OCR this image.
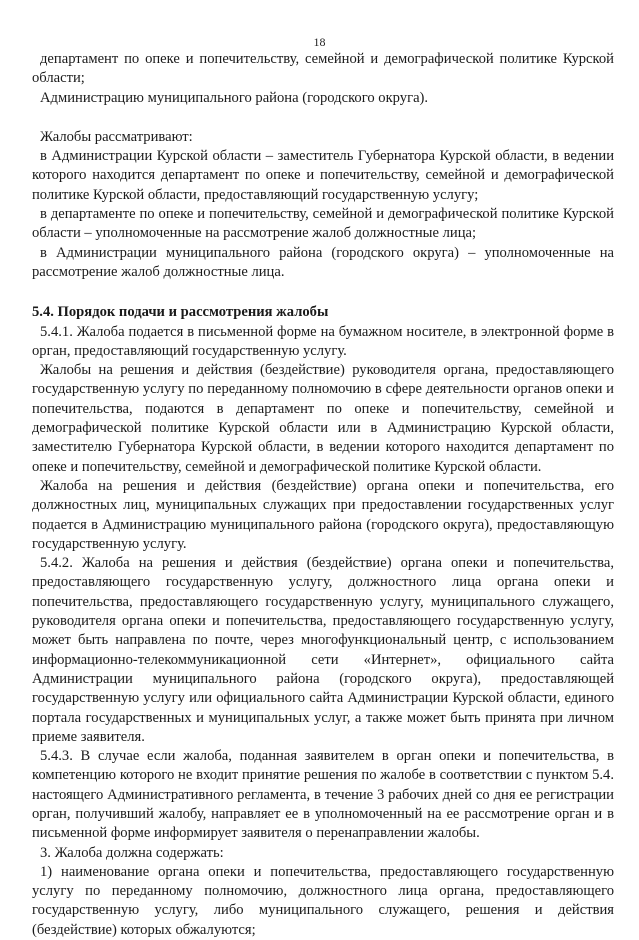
18

департамент по опеке и попечительству, семейной и демографической политике Курской области;

Администрацию муниципального района (городского округа).

Жалобы рассматривают:

в Администрации Курской области – заместитель Губернатора Курской области, в ведении которого находится департамент по опеке и попечительству, семейной и демографической политике Курской области, предоставляющий государственную услугу;

в департаменте по опеке и попечительству, семейной и демографической политике Курской области – уполномоченные на рассмотрение жалоб должностные лица;

в Администрации муниципального района (городского округа) – уполномоченные на рассмотрение жалоб должностные лица.

5.4. Порядок подачи и рассмотрения жалобы

5.4.1. Жалоба подается в письменной форме на бумажном носителе, в электронной форме в орган, предоставляющий государственную услугу.

Жалобы на решения и действия (бездействие) руководителя органа, предоставляющего государственную услугу по переданному полномочию в сфере деятельности органов опеки и попечительства, подаются в департамент по опеке и попечительству, семейной и демографической политике Курской области или в Администрацию Курской области, заместителю Губернатора Курской области, в ведении которого находится департамент по опеке и попечительству, семейной и демографической политике Курской области.

Жалоба на решения и действия (бездействие) органа опеки и попечительства, его должностных лиц, муниципальных служащих при предоставлении государственных услуг подается в Администрацию муниципального района (городского округа), предоставляющую государственную услугу.

5.4.2. Жалоба на решения и действия (бездействие) органа опеки и попечительства, предоставляющего государственную услугу, должностного лица органа опеки и попечительства, предоставляющего государственную услугу, муниципального служащего, руководителя органа опеки и попечительства, предоставляющего государственную услугу, может быть направлена по почте, через многофункциональный центр, с использованием информационно-телекоммуникационной сети «Интернет», официального сайта Администрации муниципального района (городского округа), предоставляющей государственную услугу или официального сайта Администрации Курской области, единого портала государственных и муниципальных услуг, а также может быть принята при личном приеме заявителя.

5.4.3. В случае если жалоба, поданная заявителем в орган опеки и попечительства, в компетенцию которого не входит принятие решения по жалобе в соответствии с пунктом 5.4. настоящего Административного регламента, в течение 3 рабочих дней со дня ее регистрации орган, получивший жалобу, направляет ее в уполномоченный на ее рассмотрение орган и в письменной форме информирует заявителя о перенаправлении жалобы.

3. Жалоба должна содержать:

1) наименование органа опеки и попечительства, предоставляющего государственную услугу по переданному полномочию, должностного лица органа, предоставляющего государственную услугу, либо муниципального служащего, решения и действия (бездействие) которых обжалуются;
